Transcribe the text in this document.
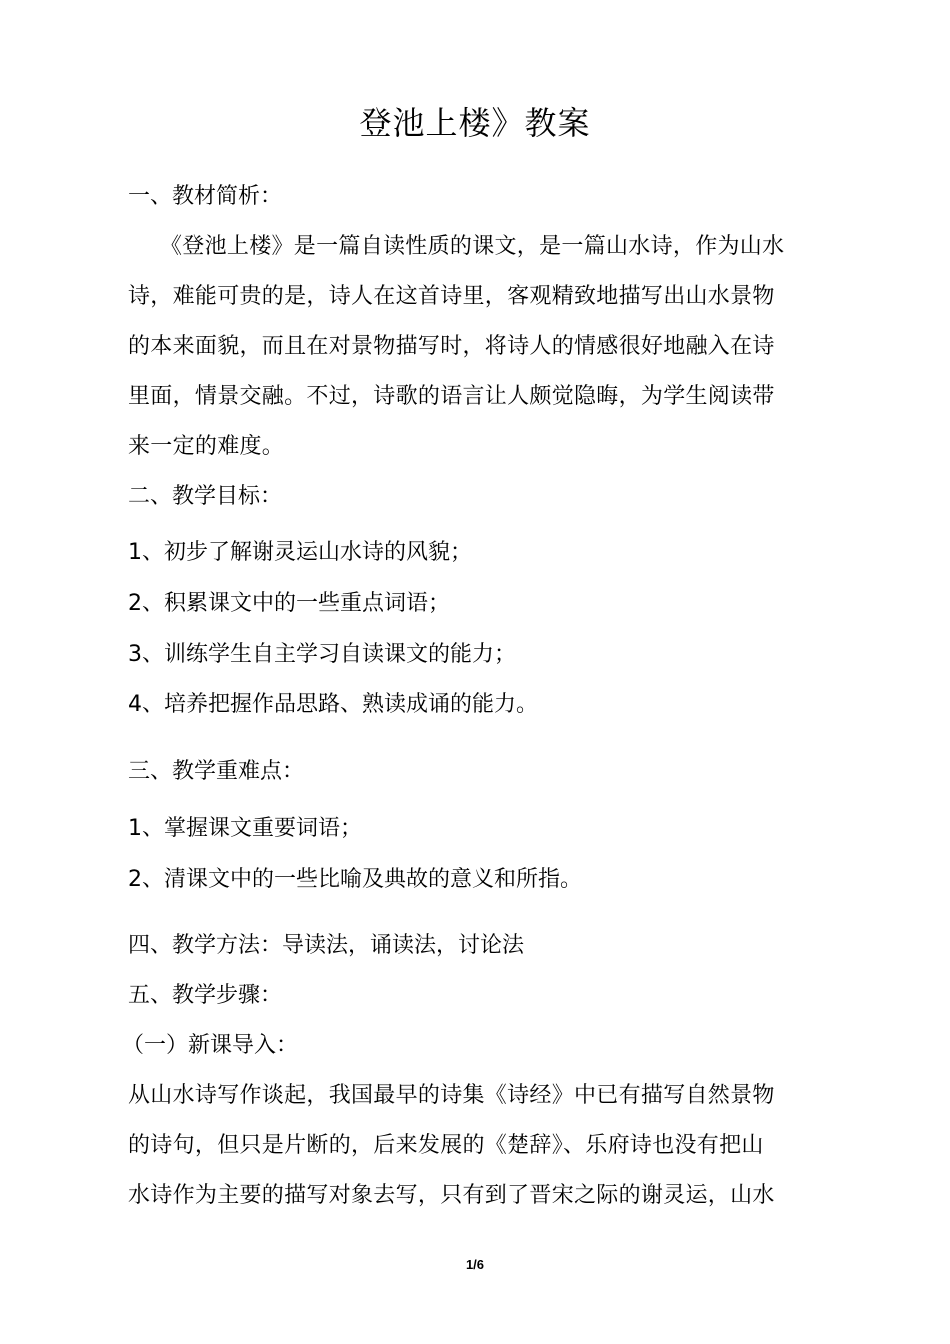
登池上楼》教案
一、教材简析：
《登池上楼》是一篇自读性质的课文，是一篇山水诗，作为山水
诗，难能可贵的是，诗人在这首诗里，客观精致地描写出山水景物
的本来面貌，而且在对景物描写时，将诗人的情感很好地融入在诗
里面，情景交融。不过，诗歌的语言让人颇觉隐晦，为学生阅读带
来一定的难度。
二、教学目标：
1、初步了解谢灵运山水诗的风貌；
2、积累课文中的一些重点词语；
3、训练学生自主学习自读课文的能力；
4、培养把握作品思路、熟读成诵的能力。
三、教学重难点：
1、掌握课文重要词语；
2、清课文中的一些比喻及典故的意义和所指。
四、教学方法：导读法，诵读法，讨论法
五、教学步骤：
（一）新课导入：
从山水诗写作谈起，我国最早的诗集《诗经》中已有描写自然景物
的诗句，但只是片断的，后来发展的《楚辞》、乐府诗也没有把山
水诗作为主要的描写对象去写，只有到了晋宋之际的谢灵运，山水
1/6
